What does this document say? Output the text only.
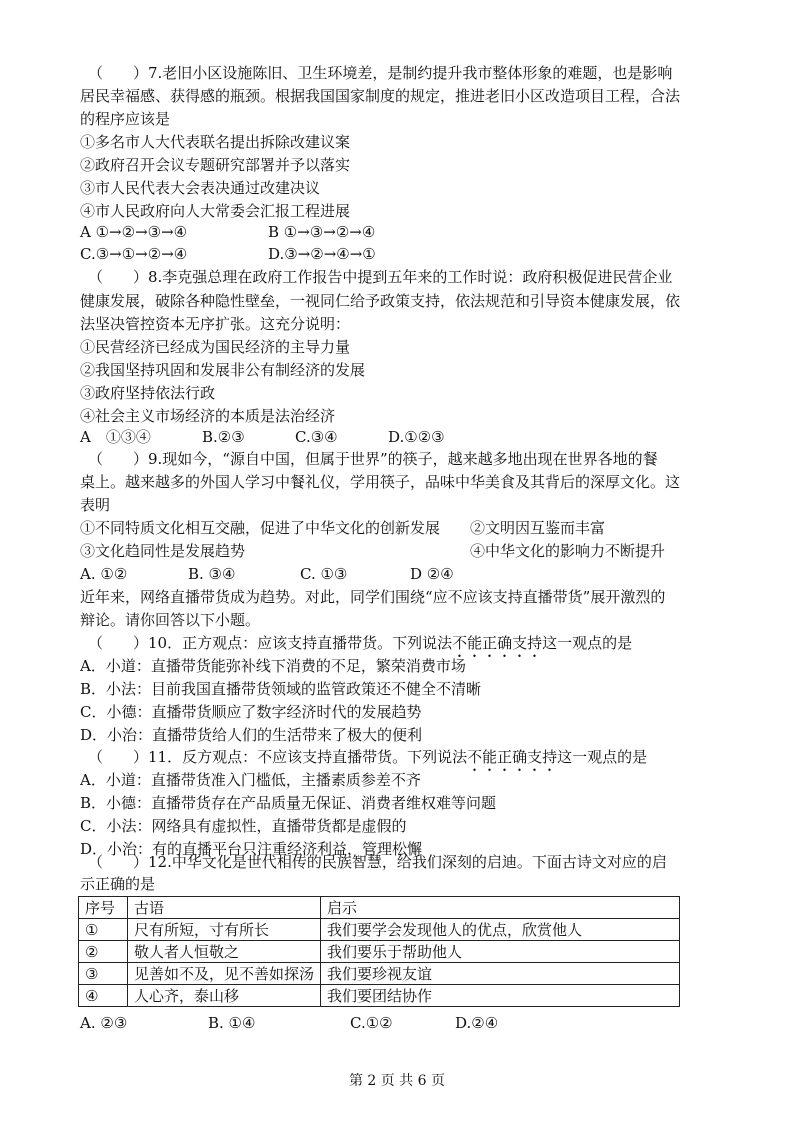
（　　）7.老旧小区设施陈旧、卫生环境差，是制约提升我市整体形象的难题，也是影响
居民幸福感、获得感的瓶颈。根据我国国家制度的规定，推进老旧小区改造项目工程，合法
的程序应该是
①多名市人大代表联名提出拆除改建议案
②政府召开会议专题研究部署并予以落实
③市人民代表大会表决通过改建决议
④市人民政府向人大常委会汇报工程进展
A ①→②→③→④	B ①→③→②→④
C.③→①→②→④	D.③→②→④→①
（　　）8.李克强总理在政府工作报告中提到五年来的工作时说：政府积极促进民营企业
健康发展，破除各种隐性壁垒，一视同仁给予政策支持，依法规范和引导资本健康发展，依
法坚决管控资本无序扩张。这充分说明：
①民营经济已经成为国民经济的主导力量
②我国坚持巩固和发展非公有制经济的发展
③政府坚持依法行政
④社会主义市场经济的本质是法治经济
A　①③④	B.②③	C.③④	D.①②③
（　　）9.现如今，“源自中国，但属于世界”的筷子，越来越多地出现在世界各地的餐
桌上。越来越多的外国人学习中餐礼仪，学用筷子，品味中华美食及其背后的深厚文化。这
表明
①不同特质文化相互交融，促进了中华文化的创新发展 ②文明因互鉴而丰富
③文化趋同性是发展趋势	④中华文化的影响力不断提升
A. ①②	B. ③④	C. ①③	D ②④
近年来，网络直播带货成为趋势。对此，同学们围绕“应不应该支持直播带货”展开激烈的
辩论。请你回答以下小题。
（　　）10．正方观点：应该支持直播带货。下列说法不能正确支持这一观点的是
A．小道：直播带货能弥补线下消费的不足，繁荣消费市场
B．小法：目前我国直播带货领域的监管政策还不健全不清晰
C．小德：直播带货顺应了数字经济时代的发展趋势
D．小治：直播带货给人们的生活带来了极大的便利
（　　）11．反方观点：不应该支持直播带货。下列说法不能正确支持这一观点的是
A．小道：直播带货准入门槛低，主播素质参差不齐
B．小德：直播带货存在产品质量无保证、消费者维权难等问题
C．小法：网络具有虚拟性，直播带货都是虚假的
D．小治：有的直播平台只注重经济利益，管理松懈
（　　）12.中华文化是世代相传的民族智慧，给我们深刻的启迪。下面古诗文对应的启
示正确的是
序号	古语	启示
①	尺有所短，寸有所长	我们要学会发现他人的优点，欣赏他人
②	敬人者人恒敬之	我们要乐于帮助他人
③	见善如不及，见不善如探汤	我们要珍视友谊
④	人心齐，泰山移	我们要团结协作
A. ②③	B. ①④	C.①②	D.②④
第 2 页 共 6 页
